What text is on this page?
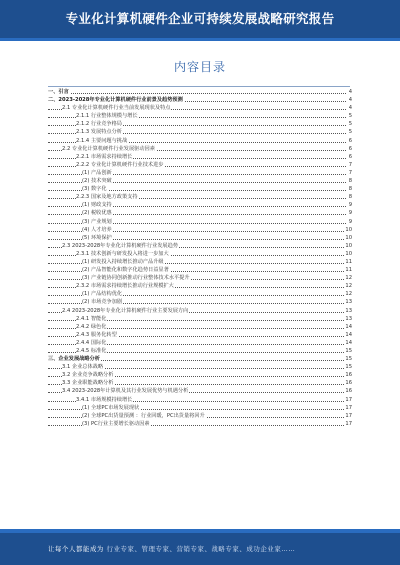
专业化计算机硬件企业可持续发展战略研究报告
内容目录
一、引言	4
二、2023-2028年专业化计算机硬件行业前景及趋势预测	4
2.1 专业化计算机硬件行业当前发展现状及特点	4
2.1.1 行业整体规模与增长	5
2.1.2 行业竞争格局	5
2.1.3 发展特点分析	5
2.1.4 主要问题与挑战	6
2.2 专业化计算机硬件行业发展驱动因素	6
2.2.1 市场需求持续增长	6
2.2.2 专业化计算机硬件行业技术进步	7
(1) 产品创新	7
(2) 技术突破	8
(3) 数字化	8
2.2.3 国家及地方政策支持	8
(1) 财政支持	9
(2) 税收优惠	9
(3) 产业规划	9
(4) 人才培养	10
(5) 环境保护	10
2.3 2023-2028年专业化计算机硬件行业发展趋势	10
2.3.1 技术创新与研发投入将进一步加大	10
(1) 研发投入持续增长推动产品升级	11
(2) 产品智能化和数字化趋势日益显著	11
(3) 产业链协同创新推动行业整体技术水平提升	12
2.3.2 市场需求持续增长推动行业规模扩大	12
(1) 产品结构优化	12
(2) 市场竞争加剧	13
2.4 2023-2028年专业化计算机硬件行业主要发展方向	13
2.4.1 智能化	13
2.4.2 绿色化	14
2.4.3 服务化转型	14
2.4.4 国际化	14
2.4.5 标准化	15
三、企业发展战略分析	15
3.1 企业总体战略	15
3.2 企业竞争战略分析	16
3.3 企业职能战略分析	16
3.4 2023-2028年计算机及其行业发展优势与机遇分析	16
3.4.1 市场规模持续增长	17
(1) 全球PC市场发展现状	17
(2) 全球PC出货量预测 ：行业回暖，PC出货量将回升	17
(3) PC行业主要增长驱动因素	17
让每个人都能成为 行业专家、管理专家、营销专家、战略专家、成功企业家……
